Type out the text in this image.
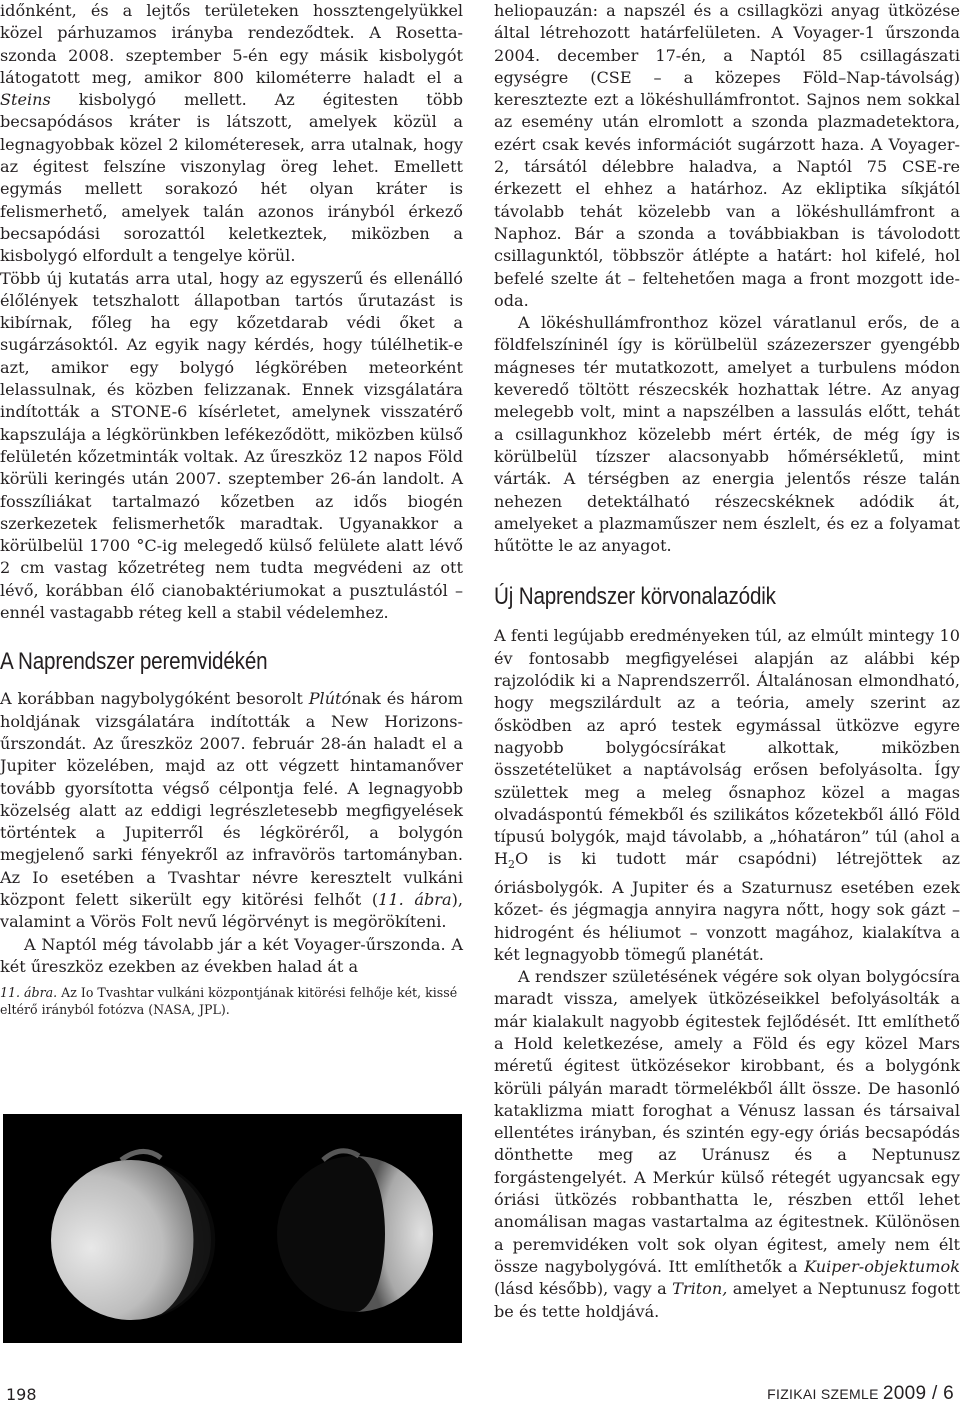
időnként, és a lejtős területeken hossztengelyükkel közel párhuzamos irányba rendeződtek. A Rosetta-szonda 2008. szeptember 5-én egy másik kisbolygót látogatott meg, amikor 800 kilométerre haladt el a Steins kisbolygó mellett. Az égitesten több becsapódásos kráter is látszott, amelyek közül a legnagyobbak közel 2 kilométeresek, arra utalnak, hogy az égitest felszíne viszonylag öreg lehet. Emellett egymás mellett sorakozó hét olyan kráter is felismerhető, amelyek talán azonos irányból érkező becsapódási sorozattól keletkeztek, miközben a kisbolygó elfordult a tengelye körül.

Több új kutatás arra utal, hogy az egyszerű és ellenálló élőlények tetszhalott állapotban tartós űrutazást is kibírnak, főleg ha egy kőzetdarab védi őket a sugárzásoktól. Az egyik nagy kérdés, hogy túlélhetik-e azt, amikor egy bolygó légkörében meteorként lelassulnak, és közben felizzanak. Ennek vizsgálatára indították a STONE-6 kísérletet, amelynek visszatérő kapszulája a légkörünkben lefékeződött, miközben külső felületén kőzetminták voltak. Az űreszköz 12 napos Föld körüli keringés után 2007. szeptember 26-án landolt. A fosszíliákat tartalmazó kőzetben az idős biogén szerkezetek felismerhetők maradtak. Ugyanakkor a körülbelül 1700 °C-ig melegedő külső felülete alatt lévő 2 cm vastag kőzetréteg nem tudta megvédeni az ott lévő, korábban élő cianobaktériumokat a pusztulástól – ennél vastagabb réteg kell a stabil védelemhez.

A Naprendszer peremvidékén

A korábban nagybolygóként besorolt Plútónak és három holdjának vizsgálatára indították a New Horizons-űrszondát. Az űreszköz 2007. február 28-án haladt el a Jupiter közelében, majd az ott végzett hintamanőver tovább gyorsította végső célpontja felé. A legnagyobb közelség alatt az eddigi legrészletesebb megfigyelések történtek a Jupiterről és légköréről, a bolygón megjelenő sarki fényekről az infravörös tartományban. Az Io esetében a Tvashtar névre keresztelt vulkáni központ felett sikerült egy kitörési felhőt (11. ábra), valamint a Vörös Folt nevű légörvényt is megörökíteni.

A Naptól még távolabb jár a két Voyager-űrszonda. A két űreszköz ezekben az években halad át a

11. ábra. Az Io Tvashtar vulkáni központjának kitörési felhője két, kissé eltérő irányból fotózva (NASA, JPL).

heliopauzán: a napszél és a csillagközi anyag ütközése által létrehozott határfelületen. A Voyager-1 űrszonda 2004. december 17-én, a Naptól 85 csillagászati egységre (CSE – a közepes Föld–Nap-távolság) keresztezte ezt a lökéshullámfrontot. Sajnos nem sokkal az esemény után elromlott a szonda plazmadetektora, ezért csak kevés információt sugárzott haza. A Voyager-2, társától délebbre haladva, a Naptól 75 CSE-re érkezett el ehhez a határhoz. Az ekliptika síkjától távolabb tehát közelebb van a lökéshullámfront a Naphoz. Bár a szonda a továbbiakban is távolodott csillagunktól, többször átlépte a határt: hol kifelé, hol befelé szelte át – feltehetően maga a front mozgott ide-oda.

A lökéshullámfronthoz közel váratlanul erős, de a földfelszíninél így is körülbelül százezerszer gyengébb mágneses tér mutatkozott, amelyet a turbulens módon keveredő töltött részecskék hozhattak létre. Az anyag melegebb volt, mint a napszélben a lassulás előtt, tehát a csillagunkhoz közelebb mért érték, de még így is körülbelül tízszer alacsonyabb hőmérsékletű, mint várták. A térségben az energia jelentős része talán nehezen detektálható részecskéknek adódik át, amelyeket a plazmaműszer nem észlelt, és ez a folyamat hűtötte le az anyagot.

Új Naprendszer körvonalazódik

A fenti legújabb eredményeken túl, az elmúlt mintegy 10 év fontosabb megfigyelései alapján az alábbi kép rajzolódik ki a Naprendszerről. Általánosan elmondható, hogy megszilárdult az a teória, amely szerint az ősködben az apró testek egymással ütközve egyre nagyobb bolygócsírákat alkottak, miközben összetételüket a naptávolság erősen befolyásolta. Így születtek meg a meleg ősnaphoz közel a magas olvadáspontú fémekből és szilikátos kőzetekből álló Föld típusú bolygók, majd távolabb, a „hóhatáron” túl (ahol a $H_2O$ is ki tudott már csapódni) létrejöttek az óriásbolygók. A Jupiter és a Szaturnusz esetében ezek kőzet- és jégmagja annyira nagyra nőtt, hogy sok gázt – hidrogént és héliumot – vonzott magához, kialakítva a két legnagyobb tömegű planétát.

A rendszer születésének végére sok olyan bolygócsíra maradt vissza, amelyek ütközéseikkel befolyásolták a már kialakult nagyobb égitestek fejlődését. Itt említhető a Hold keletkezése, amely a Föld és egy közel Mars méretű égitest ütközésekor kirobbant, és a bolygónk körüli pályán maradt törmelékből állt össze. De hasonló kataklizma miatt foroghat a Vénusz lassan és társaival ellentétes irányban, és szintén egy-egy óriás becsapódás dönthette meg az Uránusz és a Neptunusz forgástengelyét. A Merkúr külső rétegét ugyancsak egy óriási ütközés robbanthatta le, részben ettől lehet anomálisan magas vastartalma az égitestnek. Különösen a peremvidéken volt sok olyan égitest, amely nem élt össze nagybolygóvá. Itt említhetők a Kuiper-objektumok (lásd később), vagy a Triton, amelyet a Neptunusz fogott be és tette holdjává.

198	FIZIKAI SZEMLE 2009 / 6
